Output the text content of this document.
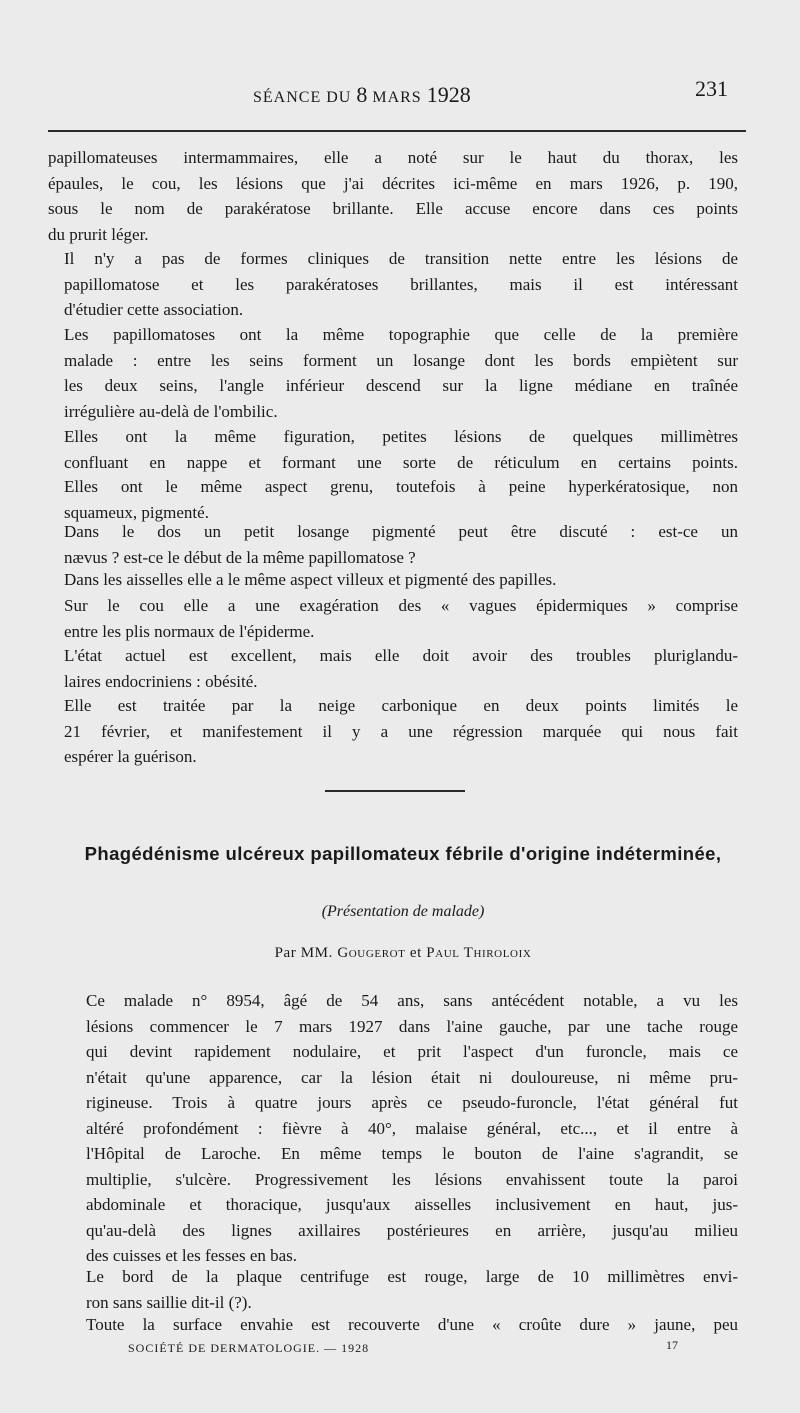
SÉANCE DU 8 MARS 1928	231
papillomateuses intermammaires, elle a noté sur le haut du thorax, les
épaules, le cou, les lésions que j'ai décrites ici-même en mars 1926, p. 190,
sous le nom de parakératose brillante. Elle accuse encore dans ces points
du prurit léger.
Il n'y a pas de formes cliniques de transition nette entre les lésions de
papillomatose et les parakératoses brillantes, mais il est intéressant
d'étudier cette association.
Les papillomatoses ont la même topographie que celle de la première
malade : entre les seins forment un losange dont les bords empiètent sur
les deux seins, l'angle inférieur descend sur la ligne médiane en traînée
irrégulière au-delà de l'ombilic.
Elles ont la même figuration, petites lésions de quelques millimètres
confluant en nappe et formant une sorte de réticulum en certains points.
Elles ont le même aspect grenu, toutefois à peine hyperkératosique, non
squameux, pigmenté.
Dans le dos un petit losange pigmenté peut être discuté : est-ce un
nævus ? est-ce le début de la même papillomatose ?
Dans les aisselles elle a le même aspect villeux et pigmenté des papilles.
Sur le cou elle a une exagération des « vagues épidermiques » comprise
entre les plis normaux de l'épiderme.
L'état actuel est excellent, mais elle doit avoir des troubles pluriglandu-
laires endocriniens : obésité.
Elle est traitée par la neige carbonique en deux points limités le
21 février, et manifestement il y a une régression marquée qui nous fait
espérer la guérison.
Phagédénisme ulcéreux papillomateux fébrile d'origine indéterminée,
(Présentation de malade)
Par MM. Gougerot et Paul Thiroloix
Ce malade n° 8954, âgé de 54 ans, sans antécédent notable, a vu les
lésions commencer le 7 mars 1927 dans l'aine gauche, par une tache rouge
qui devint rapidement nodulaire, et prit l'aspect d'un furoncle, mais ce
n'était qu'une apparence, car la lésion était ni douloureuse, ni même pru-
rigineuse. Trois à quatre jours après ce pseudo-furoncle, l'état général fut
altéré profondément : fièvre à 40°, malaise général, etc..., et il entre à
l'Hôpital de Laroche. En même temps le bouton de l'aine s'agrandit, se
multiplie, s'ulcère. Progressivement les lésions envahissent toute la paroi
abdominale et thoracique, jusqu'aux aisselles inclusivement en haut, jus-
qu'au-delà des lignes axillaires postérieures en arrière, jusqu'au milieu
des cuisses et les fesses en bas.
Le bord de la plaque centrifuge est rouge, large de 10 millimètres envi-
ron sans saillie dit-il (?).
Toute la surface envahie est recouverte d'une « croûte dure » jaune, peu
SOCIÉTÉ DE DERMATOLOGIE. — 1928	17
